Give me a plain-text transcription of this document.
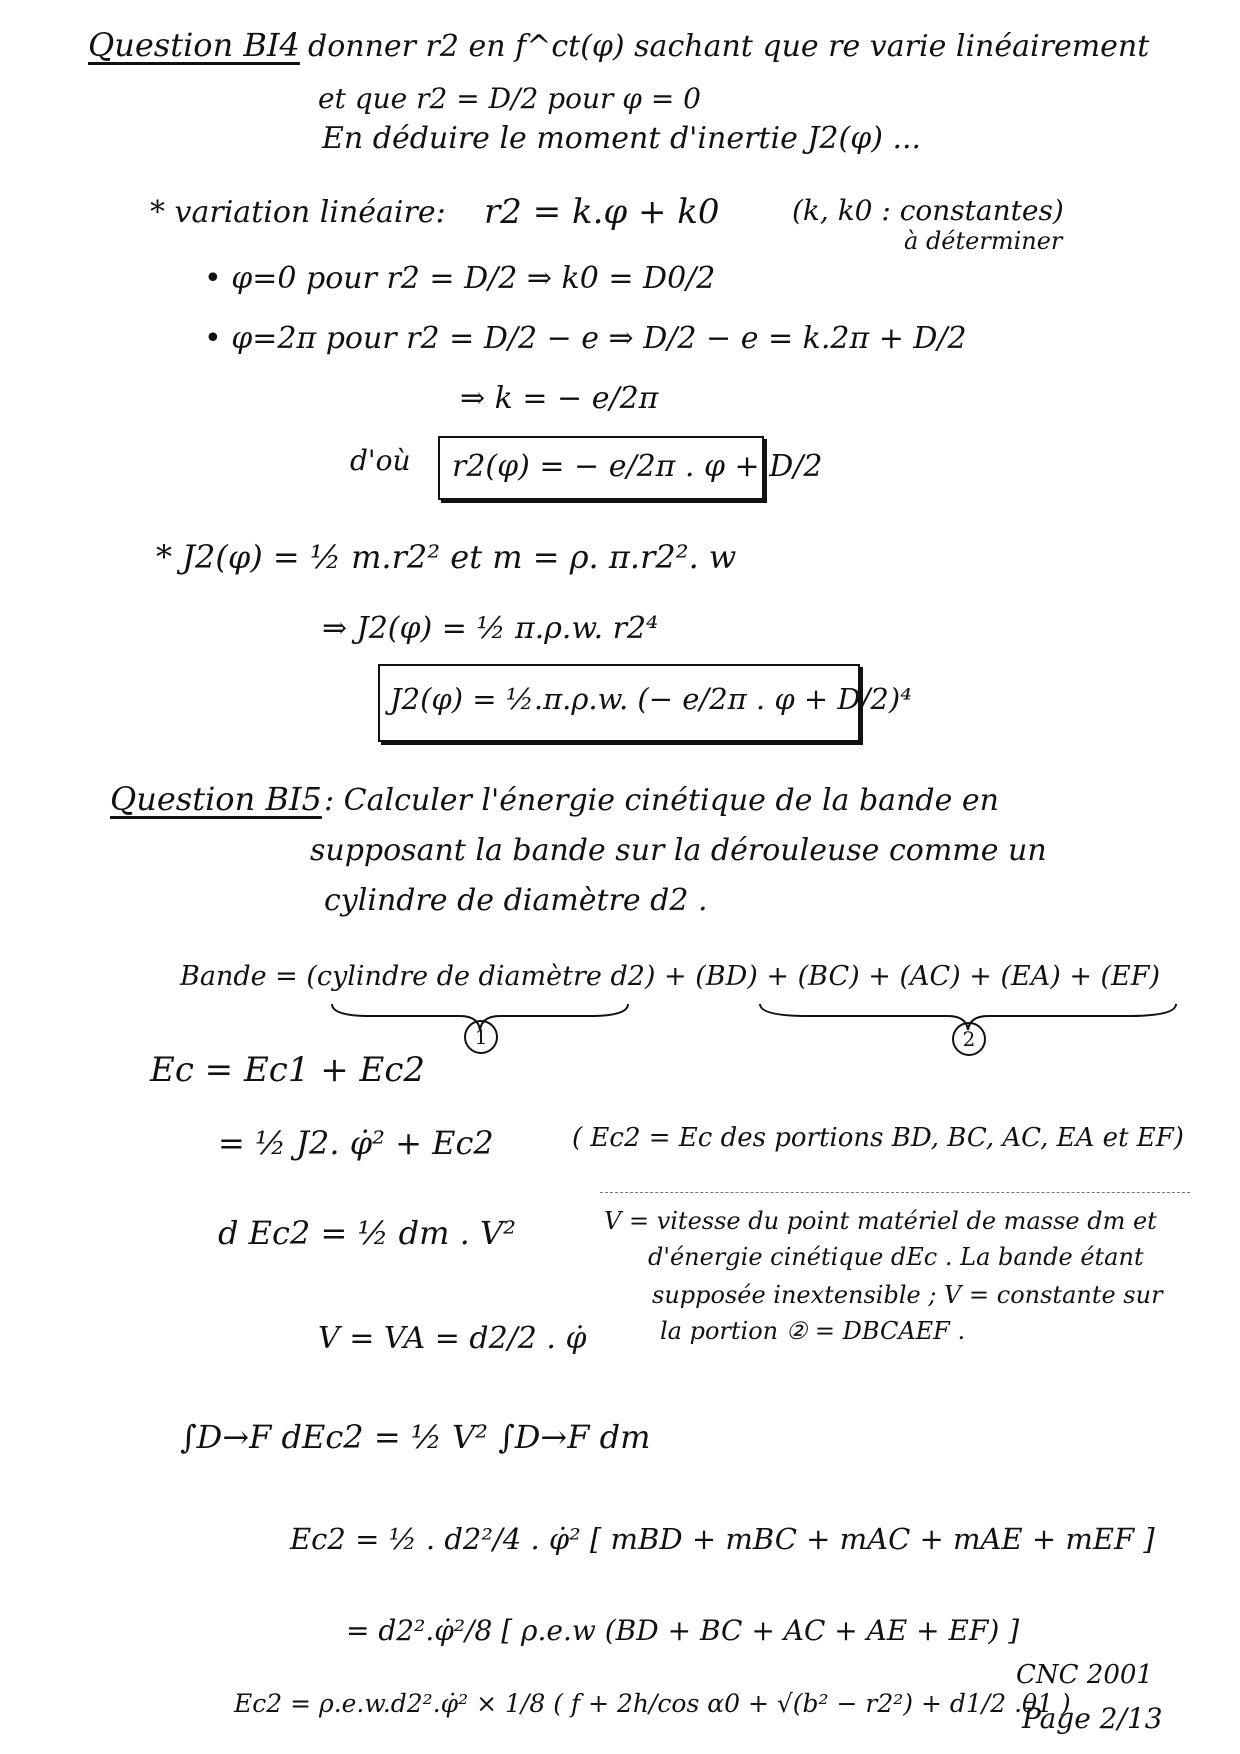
Question BI4 donner r2 en f^ct(φ) sachant que re varie linéairement
et que r2 = D/2 pour φ = 0
En déduire le moment d'inertie J2(φ) ...
* variation linéaire: r2 = k.φ + k0	(k, k0 : constantes)
à déterminer
• φ=0 pour r2 = D/2 ⇒ k0 = D0/2
• φ=2π pour r2 = D/2 − e ⇒ D/2 − e = k.2π + D/2
⇒ k = − e/2π
d'où r2(φ) = − e/2π . φ + D/2
* J2(φ) = ½ m.r2² et m = ρ. π.r2². w
⇒ J2(φ) = ½ π.ρ.w. r2⁴
J2(φ) = ½.π.ρ.w. (− e/2π . φ + D/2)⁴
Question BI5 : Calculer l'énergie cinétique de la bande en
supposant la bande sur la dérouleuse comme un
cylindre de diamètre d2 .
Bande = (cylindre de diamètre d2) + (BD) + (BC) + (AC) + (EA) + (EF)
1	2
Ec = Ec1 + Ec2
= ½ J2. φ̇² + Ec2	( Ec2 = Ec des portions BD, BC, AC, EA et EF)
d Ec2 = ½ dm . V²	V = vitesse du point matériel de masse dm et
d'énergie cinétique dEc . La bande étant
supposée inextensible ; V = constante sur
la portion ② = DBCAEF .
V = VA = d2/2 . φ̇
∫D→F dEc2 = ½ V² ∫D→F dm
Ec2 = ½ . d2²/4 . φ̇² [ mBD + mBC + mAC + mAE + mEF ]
= d2².φ̇²/8 [ ρ.e.w (BD + BC + AC + AE + EF) ]
Ec2 = ρ.e.w.d2².φ̇² × 1/8 ( f + 2h/cos α0 + √(b² − r2²) + d1/2 .θ1 )
CNC 2001
Page 2/13
